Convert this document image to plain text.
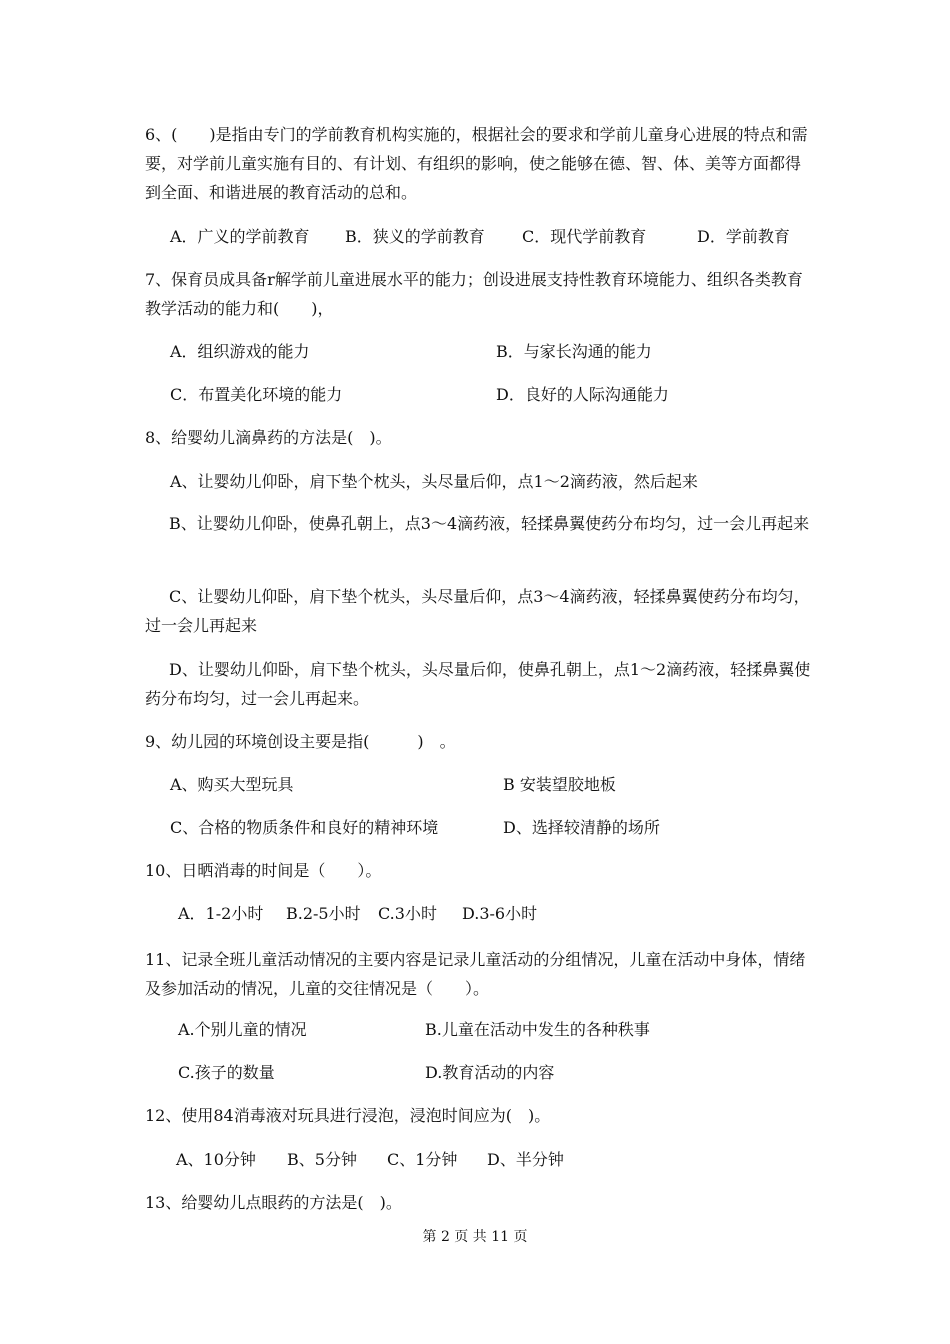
6、(　　)是指由专门的学前教育机构实施的，根据社会的要求和学前儿童身心进展的特点和需要，对学前儿童实施有目的、有计划、有组织的影响，使之能够在德、智、体、美等方面都得到全面、和谐进展的教育活动的总和。

A．广义的学前教育 B．狭义的学前教育 C．现代学前教育	D．学前教育

7、保育员成具备r解学前儿童进展水平的能力；创设进展支持性教育环境能力、组织各类教育教学活动的能力和(　　)，

A．组织游戏的能力	B．与家长沟通的能力
C．布置美化环境的能力	D．良好的人际沟通能力
8、给婴幼儿滴鼻药的方法是(　)。
A、让婴幼儿仰卧，肩下垫个枕头，头尽量后仰，点1～2滴药液，然后起来

B、让婴幼儿仰卧，使鼻孔朝上，点3～4滴药液，轻揉鼻翼使药分布均匀，过一会儿再起来

C、让婴幼儿仰卧，肩下垫个枕头，头尽量后仰，点3～4滴药液，轻揉鼻翼使药分布均匀，过一会儿再起来

D、让婴幼儿仰卧，肩下垫个枕头，头尽量后仰，使鼻孔朝上，点1～2滴药液，轻揉鼻翼使药分布均匀，过一会儿再起来。

9、幼儿园的环境创设主要是指(　　　)　。
A、购买大型玩具	B 安装望胶地板
C、合格的物质条件和良好的精神环境	D、选择较清静的场所
10、日晒消毒的时间是（　　）。
A．1-2小时 B.2-5小时 C.3小时 D.3-6小时

11、记录全班儿童活动情况的主要内容是记录儿童活动的分组情况，儿童在活动中身体，情绪及参加活动的情况，儿童的交往情况是（　　）。

A.个别儿童的情况	B.儿童在活动中发生的各种秩事
C.孩子的数量	D.教育活动的内容
12、使用84消毒液对玩具进行浸泡，浸泡时间应为(　)。
A、10分钟 B、5分钟 C、1分钟 D、半分钟
13、给婴幼儿点眼药的方法是(　)。
第 2 页 共 11 页
